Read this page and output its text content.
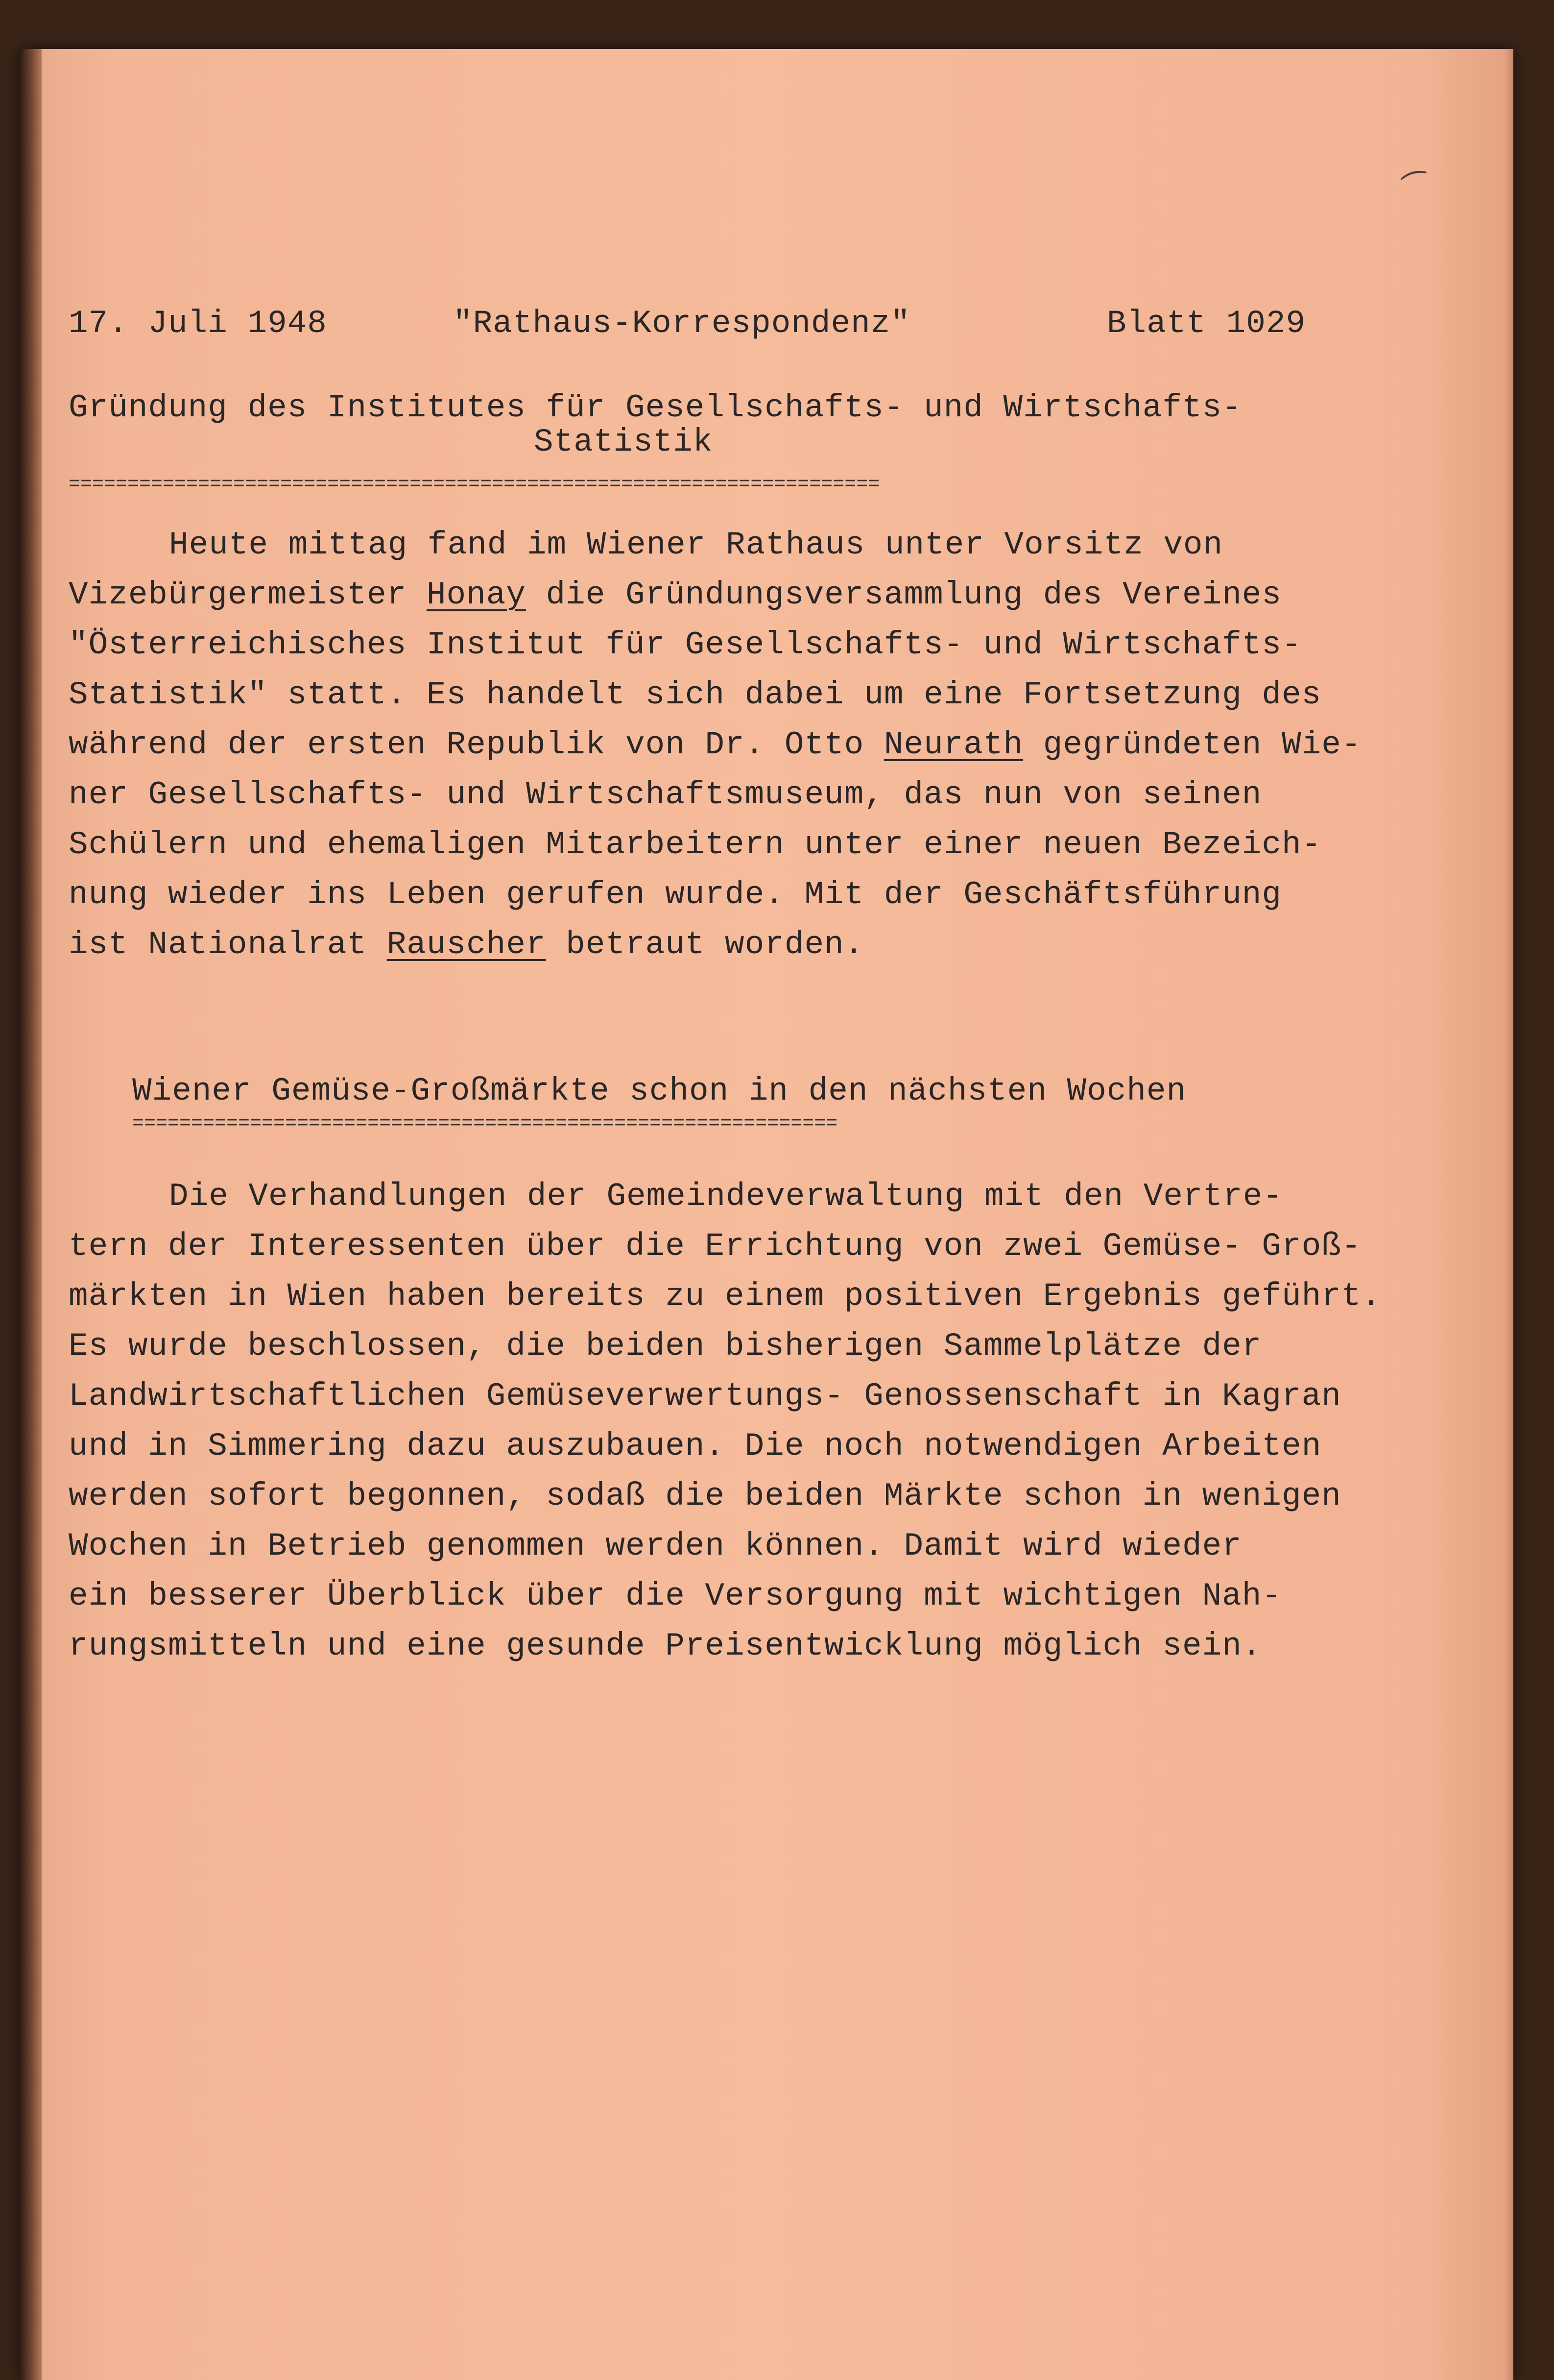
⁀
17. Juli 1948	"Rathaus-Korrespondenz"	Blatt 1029
Gründung des Institutes für Gesellschafts- und Wirtschafts-
Statistik
=====================================================================
Heute mittag fand im Wiener Rathaus unter Vorsitz von
Vizebürgermeister Honay die Gründungsversammlung des Vereines
"Österreichisches Institut für Gesellschafts- und Wirtschafts-
Statistik" statt. Es handelt sich dabei um eine Fortsetzung des
während der ersten Republik von Dr. Otto Neurath gegründeten Wie-
ner Gesellschafts- und Wirtschaftsmuseum, das nun von seinen
Schülern und ehemaligen Mitarbeitern unter einer neuen Bezeich-
nung wieder ins Leben gerufen wurde. Mit der Geschäftsführung
ist Nationalrat Rauscher betraut worden.
Wiener Gemüse-Großmärkte schon in den nächsten Wochen
============================================================
Die Verhandlungen der Gemeindeverwaltung mit den Vertre-
tern der Interessenten über die Errichtung von zwei Gemüse- Groß-
märkten in Wien haben bereits zu einem positiven Ergebnis geführt.
Es wurde beschlossen, die beiden bisherigen Sammelplätze der
Landwirtschaftlichen Gemüseverwertungs- Genossenschaft in Kagran
und in Simmering dazu auszubauen. Die noch notwendigen Arbeiten
werden sofort begonnen, sodaß die beiden Märkte schon in wenigen
Wochen in Betrieb genommen werden können. Damit wird wieder
ein besserer Überblick über die Versorgung mit wichtigen Nah-
rungsmitteln und eine gesunde Preisentwicklung möglich sein.
